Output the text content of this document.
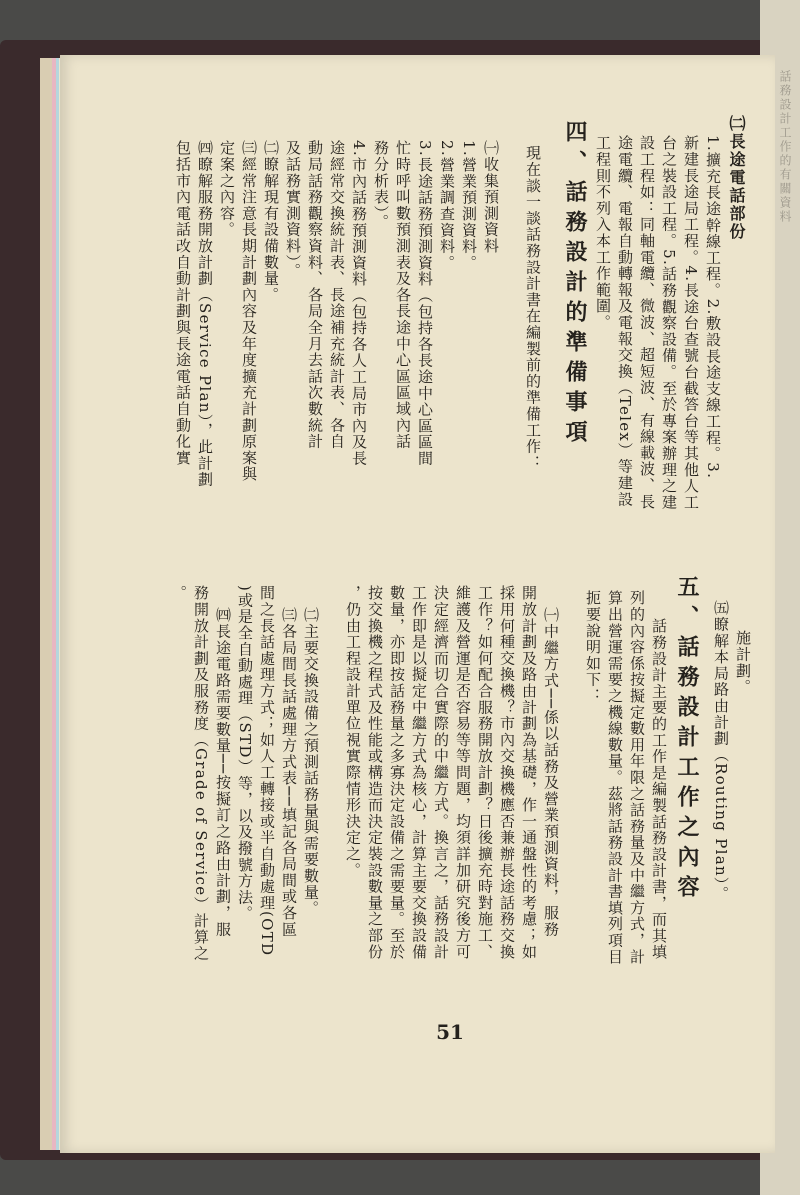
話務設計工作的有關資料
㈡長途電話部份
1.擴充長途幹線工程。2.敷設長途支線工程。3.
新建長途局工程。4.長途台查號台截答台等其他人工
台之裝設工程。5.話務觀察設備。至於專案辦理之建
設工程如：同軸電纜、微波、超短波、有線載波、長
途電纜、電報自動轉報及電報交換（Telex）等建設
工程則不列入本工作範圍。
四、話務設計的準備事項
現在談一談話務設計書在編製前的準備工作：
㈠收集預測資料
1.營業預測資料。
2.營業調查資料。
3.長途話務預測資料（包持各長途中心區區間
忙時呼叫數預測表及各長途中心區區域內話
務分析表）。
4.市內話務預測資料（包持各人工局市內及長
途經常交換統計表、長途補充統計表、各自
動局話務觀察資料、各局全月去話次數統計
及話務實測資料）。
㈡瞭解現有設備數量。
㈢經常注意長期計劃內容及年度擴充計劃原案與
定案之內容。
㈣瞭解服務開放計劃（Service Plan），此計劃
包括市內電話改自動計劃與長途電話自動化實
施計劃。
㈤瞭解本局路由計劃（Routing Plan）。
五、話務設計工作之內容
話務設計主要的工作是編製話務設計書，而其填
列的內容係按擬定數用年限之話務量及中繼方式，計
算出營運需要之機線數量。茲將話務設計書填列項目
扼要說明如下：
㈠中繼方式──係以話務及營業預測資料，服務
開放計劃及路由計劃為基礎，作一通盤性的考慮；如
採用何種交換機？市內交換機應否兼辦長途話務交換
工作？如何配合服務開放計劃？日後擴充時對施工、
維護及營運是否容易等等問題，均須詳加研究後方可
決定經濟而切合實際的中繼方式。換言之，話務設計
工作即是以擬定中繼方式為核心，計算主要交換設備
數量，亦即按話務量之多寡決定設備之需要量。至於
按交換機之程式及性能或構造而決定裝設數量之部份
，仍由工程設計單位視實際情形決定之。
㈡主要交換設備之預測話務量與需要數量。
㈢各局間長話處理方式表──填記各局間或各區
間之長話處理方式；如人工轉接或半自動處理(OTD
)或是全自動處理（STD）等，以及撥號方法。
㈣長途電路需要數量──按擬訂之路由計劃，服
務開放計劃及服務度（Grade of Service）計算之
。
51
